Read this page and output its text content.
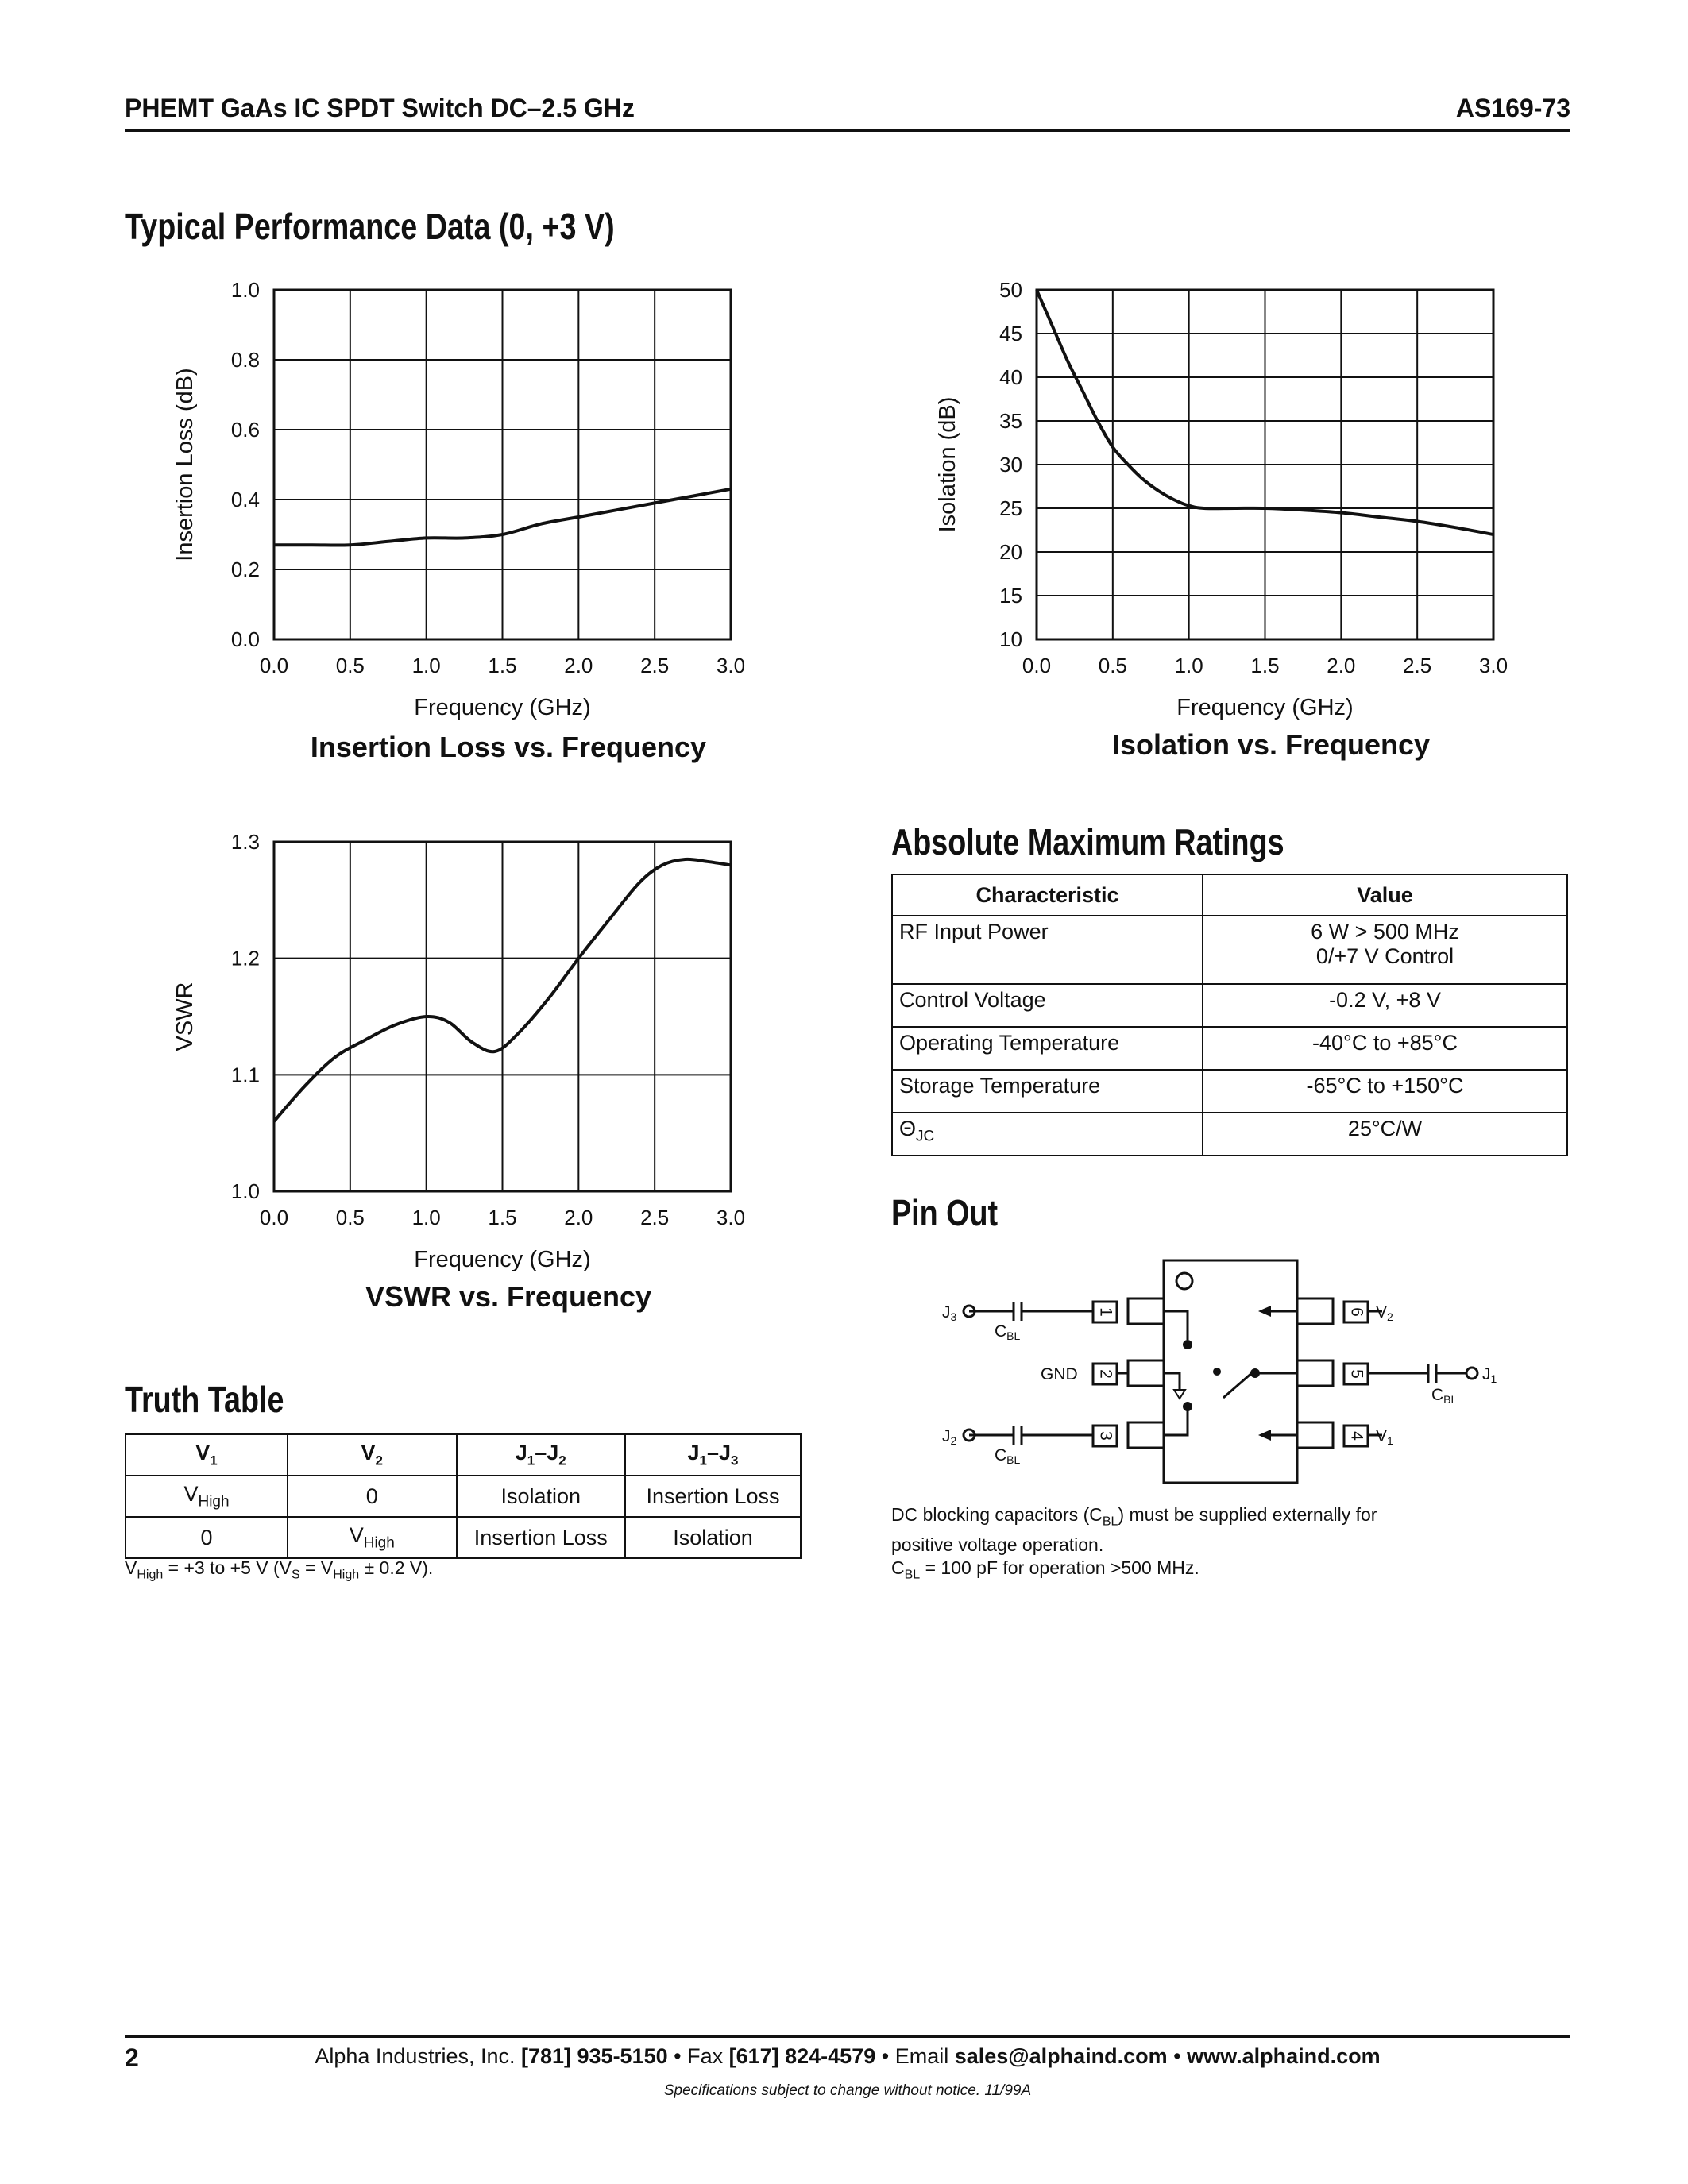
PHEMT GaAs IC SPDT Switch DC–2.5 GHz	AS169-73
Typical Performance Data (0, +3 V)
0.0 0.5 1.0 1.5 2.0 2.5 3.0
0.0
0.2
0.4
0.6
0.8
1.0
Frequency (GHz)
Insertion Loss (dB)
Insertion Loss vs. Frequency
0.0 0.5 1.0 1.5 2.0 2.5 3.0
10
15
20
25
30
35
40
45
50
Frequency (GHz)
Isolation (dB)
Isolation vs. Frequency
0.0 0.5 1.0 1.5 2.0 2.5 3.0
1.0
1.1
1.2
1.3
Frequency (GHz)
VSWR
VSWR vs. Frequency
Absolute Maximum Ratings
Characteristic	Value
RF Input Power	6 W > 500 MHz
0/+7 V Control

Control Voltage	-0.2 V, +8 V
Operating Temperature	-40°C to +85°C
Storage Temperature	-65°C to +150°C
$\Theta_{JC}$	25°C/W
Pin Out
1
2
3	4
5
6
J3
J2
J1
V2
V1
GND
CBL
CBL
CBL
DC blocking capacitors $(C_{BL})$ must be supplied externally for
positive voltage operation.
$C_{BL} = 100$ pF for operation >500 MHz.
Truth Table
$V_1$	$V_2$	$J_1-J_2$	$J_1-J_3$
$V_{High}$	0	Isolation	Insertion Loss
0	$V_{High}$	Insertion Loss	Isolation
$V_{High} = +3$ to +5 V ($V_S = V_{High} \pm 0.2$ V).
2	Alpha Industries, Inc. [781] 935-5150 • Fax [617] 824-4579 • Email sales@alphaind.com • www.alphaind.com
Specifications subject to change without notice. 11/99A
